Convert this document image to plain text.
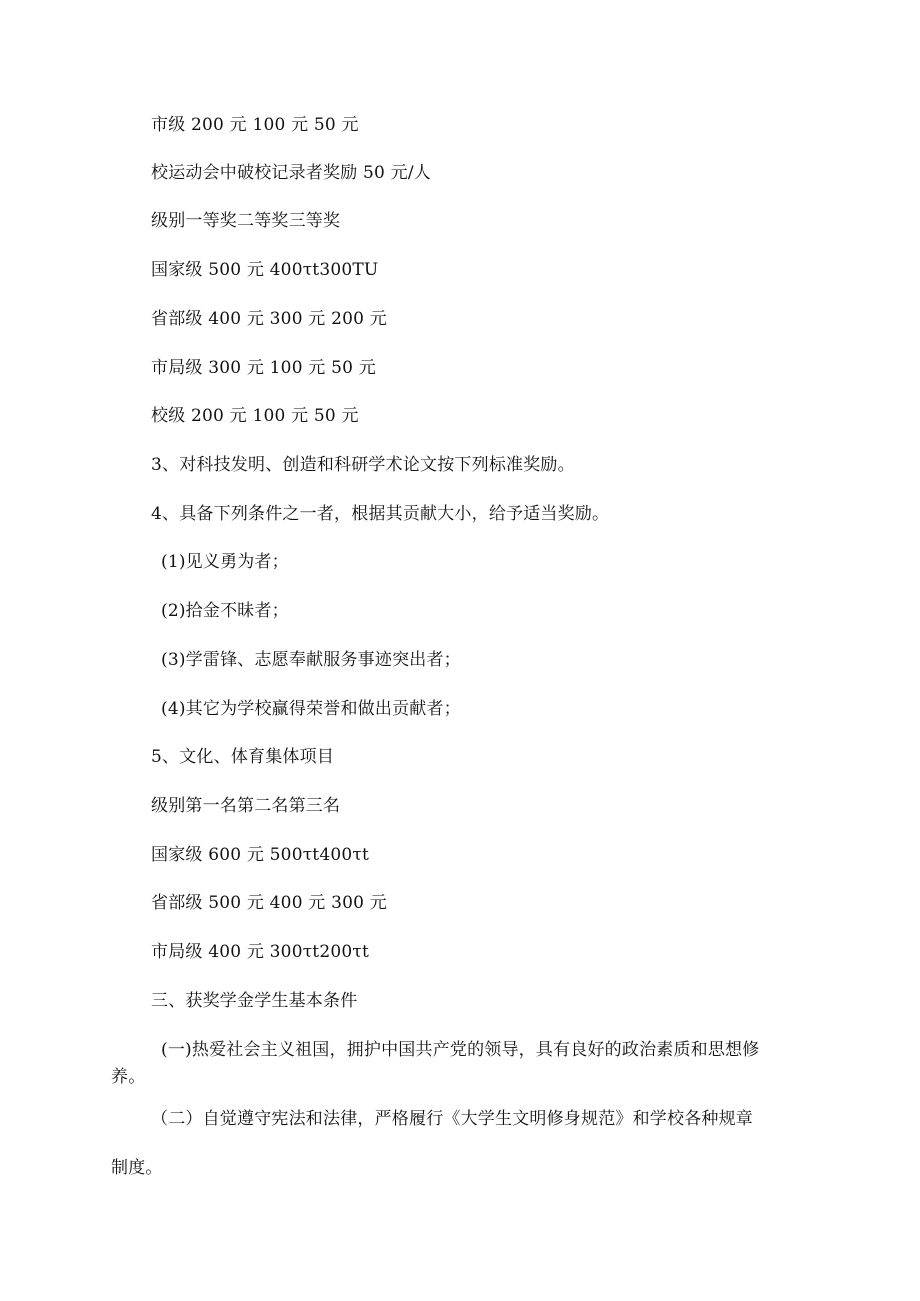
市级 200 元 100 元 50 元
校运动会中破校记录者奖励 50 元/人
级别一等奖二等奖三等奖
国家级 500 元 400τt300TU
省部级 400 元 300 元 200 元
市局级 300 元 100 元 50 元
校级 200 元 100 元 50 元
3、对科技发明、创造和科研学术论文按下列标准奖励。
4、具备下列条件之一者，根据其贡献大小，给予适当奖励。
(1)见义勇为者；
(2)拾金不昧者；
(3)学雷锋、志愿奉献服务事迹突出者；
(4)其它为学校赢得荣誉和做出贡献者；
5、文化、体育集体项目
级别第一名第二名第三名
国家级 600 元 500τt400τt
省部级 500 元 400 元 300 元
市局级 400 元 300τt200τt
三、获奖学金学生基本条件
(一)热爱社会主义祖国，拥护中国共产党的领导，具有良好的政治素质和思想修
养。
（二）自觉遵守宪法和法律，严格履行《大学生文明修身规范》和学校各种规章
制度。
